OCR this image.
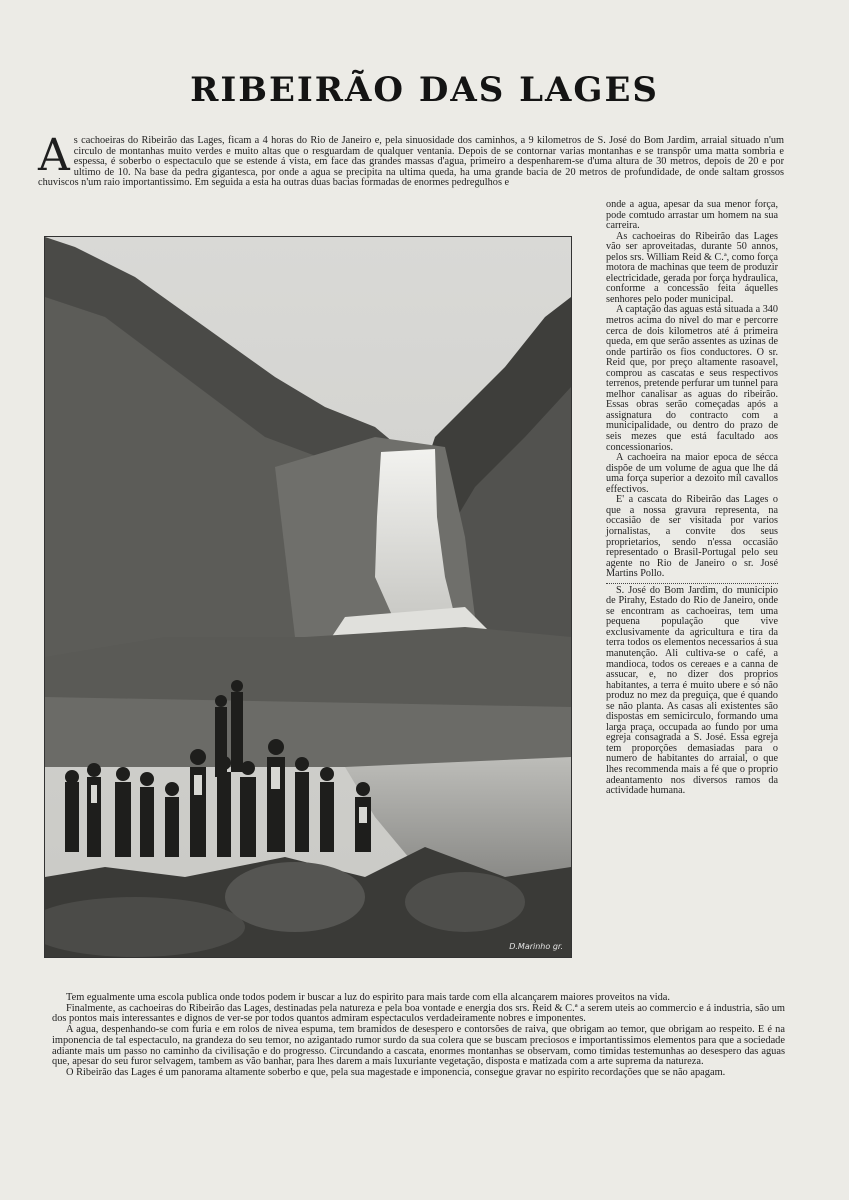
RIBEIRÃO DAS LAGES
As cachoeiras do Ribeirão das Lages, ficam a 4 horas do Rio de Janeiro e, pela sinuosidade dos caminhos, a 9 kilometros de S. José do Bom Jardim, arraial situado n'um circulo de montanhas muito verdes e muito altas que o resguardam de qualquer ventania. Depois de se contornar varias montanhas e se transpôr uma matta sombria e espessa, é soberbo o espectaculo que se estende á vista, em face das grandes massas d'agua, primeiro a despenharem-se d'uma altura de 30 metros, depois de 20 e por ultimo de 10. Na base da pedra gigantesca, por onde a agua se precipita na ultima queda, ha uma grande bacia de 20 metros de profundidade, de onde saltam grossos chuviscos n'um raio importantissimo. Em seguida a esta ha outras duas bacias formadas de enormes pedregulhos e
D.Marinho gr.

onde a agua, apesar da sua menor força, pode comtudo arrastar um homem na sua carreira.

As cachoeiras do Ribeirão das Lages vão ser aproveitadas, durante 50 annos, pelos srs. William Reid & C.ª, como força motora de machinas que teem de produzir electricidade, gerada por força hydraulica, conforme a concessão feita áquelles senhores pelo poder municipal.

A captação das aguas está situada a 340 metros acima do nivel do mar e percorre cerca de dois kilometros até á primeira queda, em que serão assentes as uzinas de onde partirão os fios conductores. O sr. Reid que, por preço altamente rasoavel, comprou as cascatas e seus respectivos terrenos, pretende perfurar um tunnel para melhor canalisar as aguas do ribeirão. Essas obras serão começadas após a assignatura do contracto com a municipalidade, ou dentro do prazo de seis mezes que está facultado aos concessionarios.

A cachoeira na maior epoca de sécca dispõe de um volume de agua que lhe dá uma força superior a dezoito mil cavallos effectivos.

E' a cascata do Ribeirão das Lages o que a nossa gravura representa, na occasião de ser visitada por varios jornalistas, a convite dos seus proprietarios, sendo n'essa occasião representado o Brasil-Portugal pelo seu agente no Rio de Janeiro o sr. José Martins Pollo.

S. José do Bom Jardim, do municipio de Pirahy, Estado do Rio de Janeiro, onde se encontram as cachoeiras, tem uma pequena população que vive exclusivamente da agricultura e tira da terra todos os elementos necessarios á sua manutenção. Ali cultiva-se o café, a mandioca, todos os cereaes e a canna de assucar, e, no dizer dos proprios habitantes, a terra é muito ubere e só não produz no mez da preguiça, que é quando se não planta. As casas ali existentes são dispostas em semicirculo, formando uma larga praça, occupada ao fundo por uma egreja consagrada a S. José. Essa egreja tem proporções demasiadas para o numero de habitantes do arraial, o que lhes recommenda mais a fé que o proprio adeantamento nos diversos ramos da actividade humana.

Tem egualmente uma escola publica onde todos podem ir buscar a luz do espirito para mais tarde com ella alcançarem maiores proveitos na vida.

Finalmente, as cachoeiras do Ribeirão das Lages, destinadas pela natureza e pela boa vontade e energia dos srs. Reid & C.ª a serem uteis ao commercio e á industria, são um dos pontos mais interessantes e dignos de ver-se por todos quantos admiram espectaculos verdadeiramente nobres e imponentes.

A agua, despenhando-se com furia e em rolos de nivea espuma, tem bramidos de desespero e contorsões de raiva, que obrigam ao temor, que obrigam ao respeito. E é na imponencia de tal espectaculo, na grandeza do seu temor, no azigantado rumor surdo da sua colera que se buscam preciosos e importantissimos elementos para que a sociedade adiante mais um passo no caminho da civilisação e do progresso. Circundando a cascata, enormes montanhas se observam, como timidas testemunhas ao desespero das aguas que, apesar do seu furor selvagem, tambem as vão banhar, para lhes darem a mais luxuriante vegetação, disposta e matizada com a arte suprema da natureza.

O Ribeirão das Lages é um panorama altamente soberbo e que, pela sua magestade e imponencia, consegue gravar no espirito recordações que se não apagam.
